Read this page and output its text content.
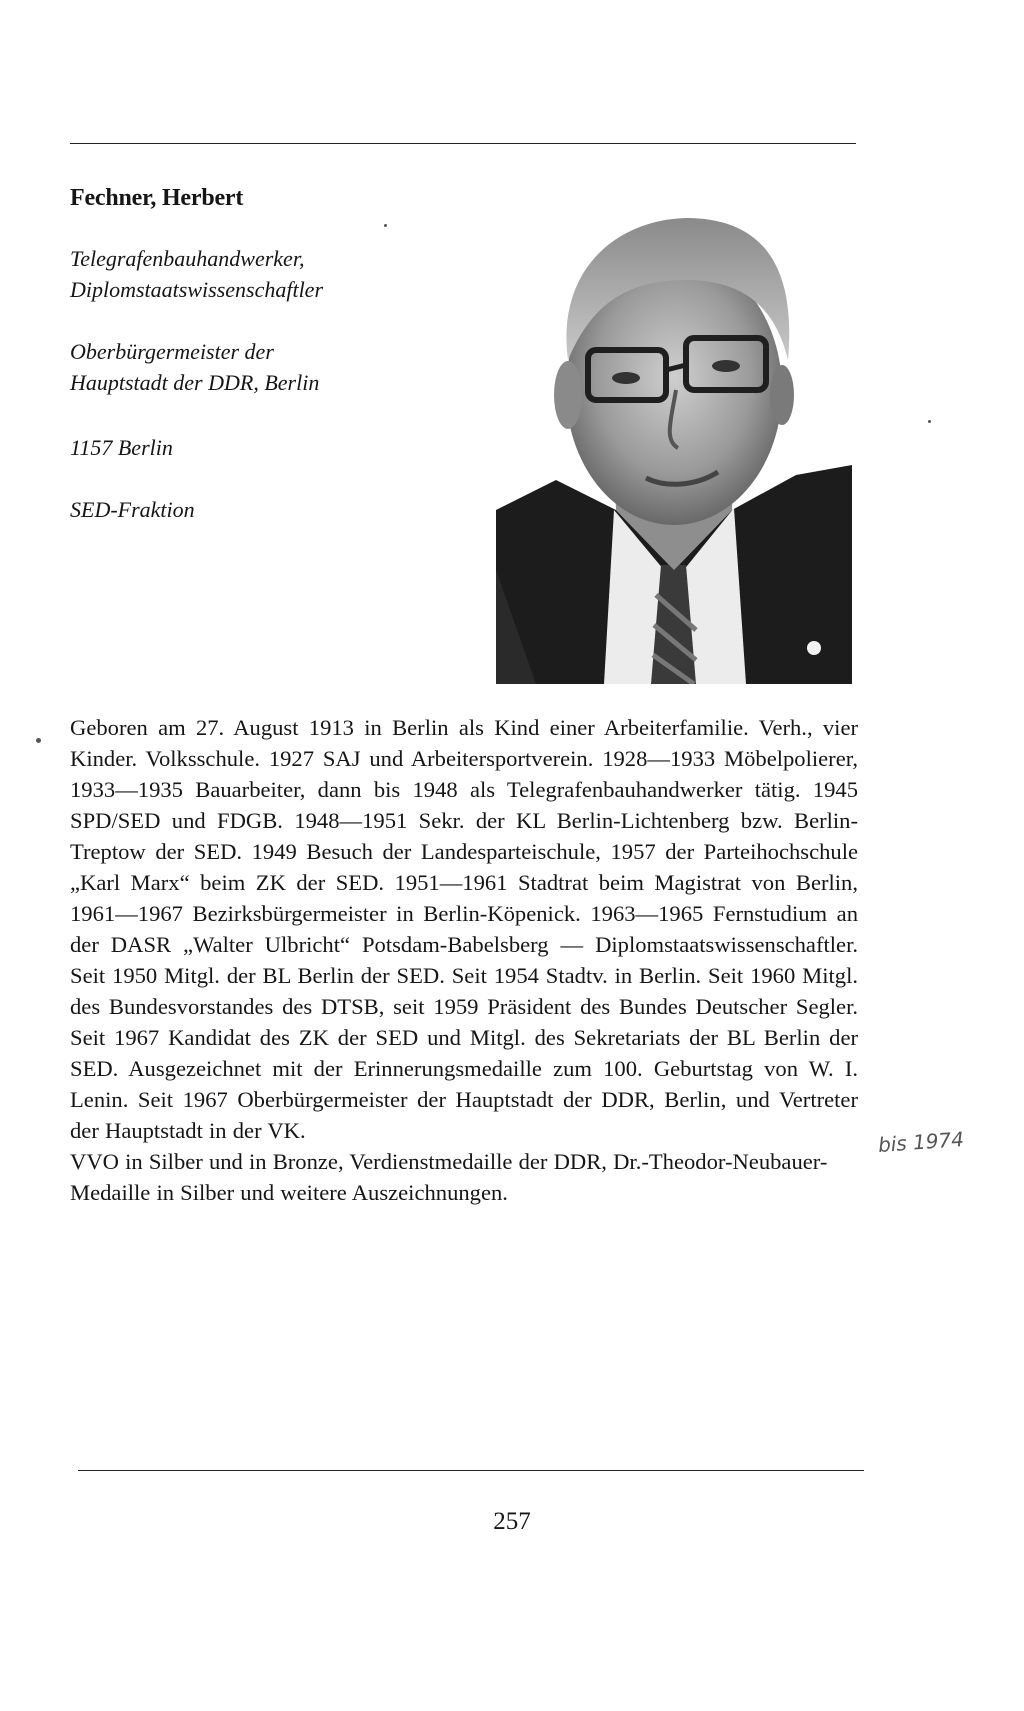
Fechner, Herbert
Telegrafenbauhandwerker,
Diplomstaatswissenschaftler
Oberbürgermeister der
Hauptstadt der DDR, Berlin
1157 Berlin
SED-Fraktion

Geboren am 27. August 1913 in Berlin als Kind einer Arbeiterfamilie. Verh., vier Kinder. Volksschule. 1927 SAJ und Arbeitersportverein. 1928—1933 Möbelpolierer, 1933—1935 Bauarbeiter, dann bis 1948 als Telegrafenbauhandwerker tätig. 1945 SPD/SED und FDGB. 1948—1951 Sekr. der KL Berlin-Lichtenberg bzw. Berlin-Treptow der SED. 1949 Besuch der Landesparteischule, 1957 der Parteihochschule „Karl Marx“ beim ZK der SED. 1951—1961 Stadtrat beim Magistrat von Berlin, 1961—1967 Bezirksbürgermeister in Berlin-Köpenick. 1963—1965 Fernstudium an der DASR „Walter Ulbricht“ Potsdam-Babelsberg — Diplomstaatswissenschaftler. Seit 1950 Mitgl. der BL Berlin der SED. Seit 1954 Stadtv. in Berlin. Seit 1960 Mitgl. des Bundesvorstandes des DTSB, seit 1959 Präsident des Bundes Deutscher Segler. Seit 1967 Kandidat des ZK der SED und Mitgl. des Sekretariats der BL Berlin der SED. Ausgezeichnet mit der Erinnerungsmedaille zum 100. Geburtstag von W. I. Lenin. Seit 1967 Oberbürgermeister der Hauptstadt der DDR, Berlin, und Vertreter der Hauptstadt in der VK.

VVO in Silber und in Bronze, Verdienstmedaille der DDR, Dr.-Theodor-Neubauer-Medaille in Silber und weitere Auszeichnungen.

bis 1974
257
